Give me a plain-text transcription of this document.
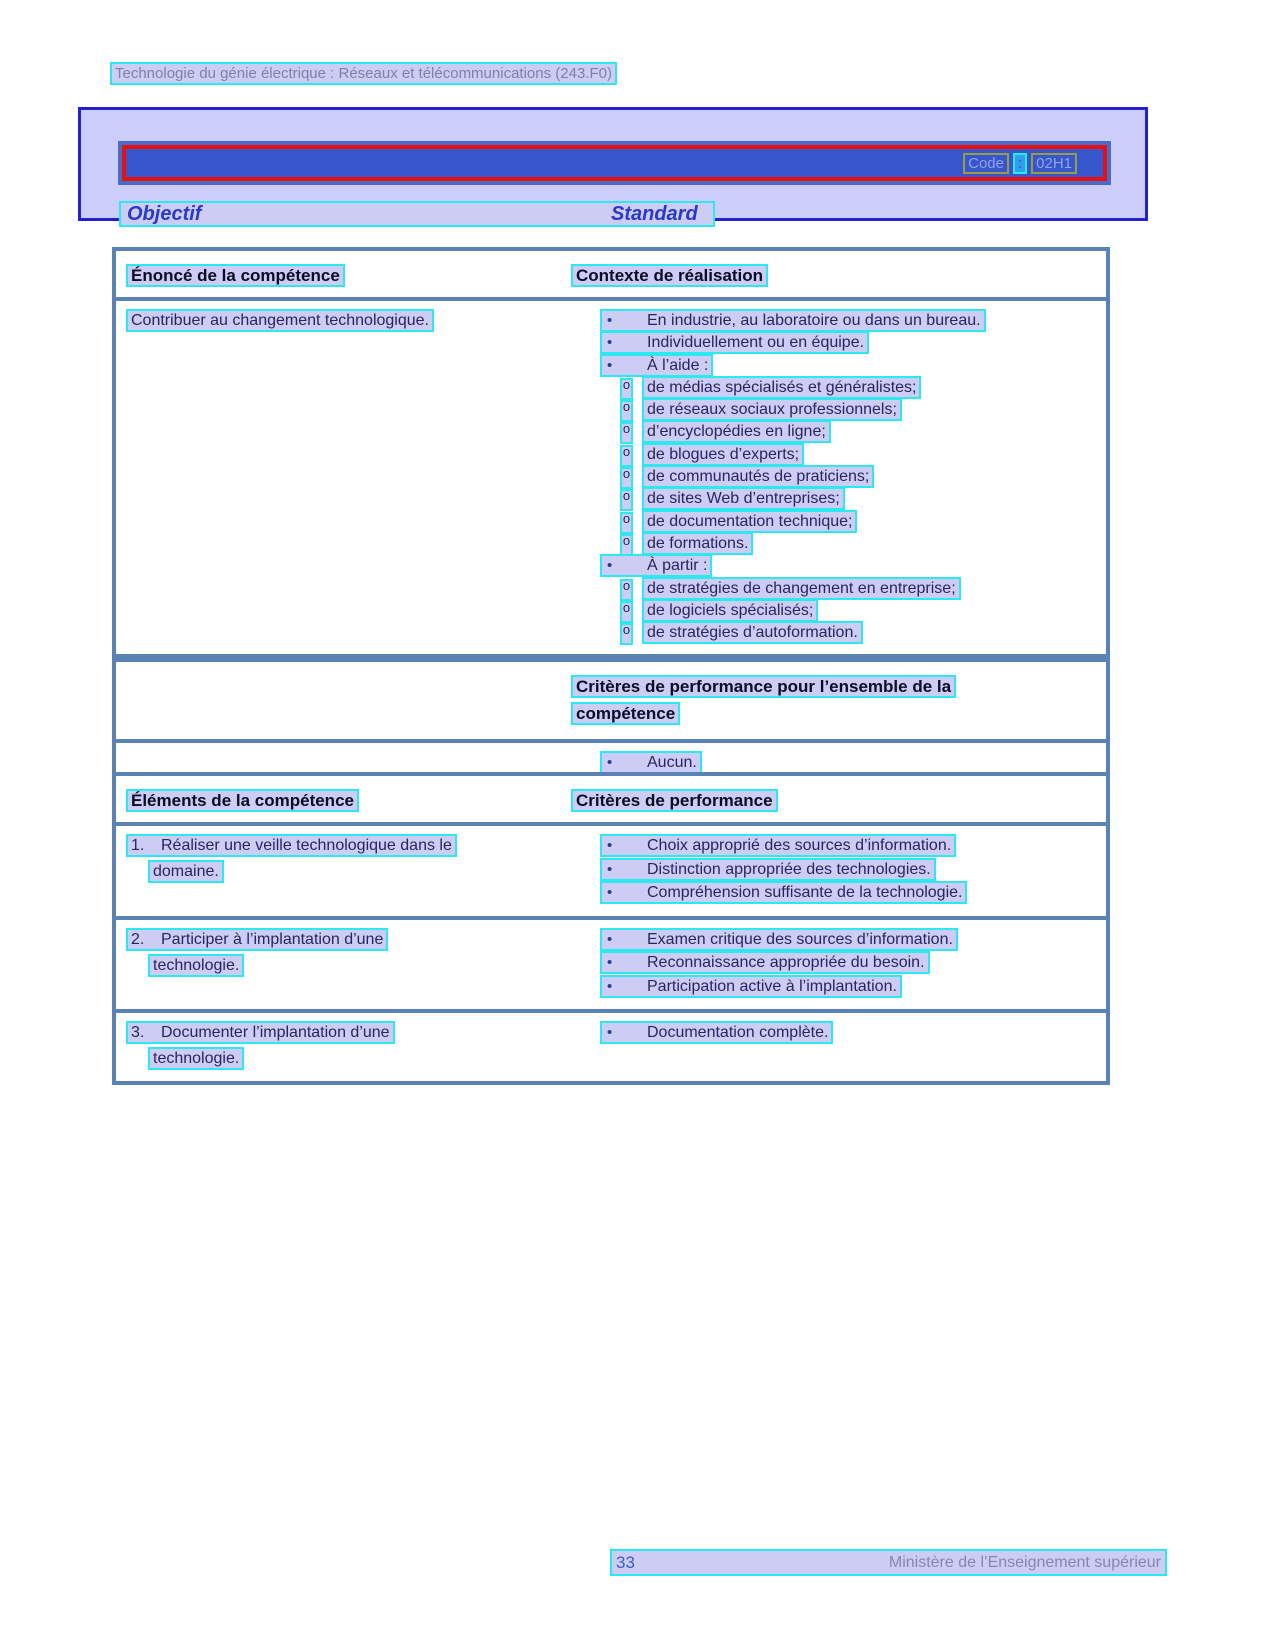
Technologie du génie électrique : Réseaux et télécommunications (243.F0)
Code : 02H1
Objectif	Standard
Énoncé de la compétence	Contexte de réalisation
Contribuer au changement technologique.	•	En industrie, au laboratoire ou dans un bureau.
•	Individuellement ou en équipe.
•	À l’aide :
o	de médias spécialisés et généralistes;
o	de réseaux sociaux professionnels;
o	d’encyclopédies en ligne;
o	de blogues d’experts;
o	de communautés de praticiens;
o	de sites Web d’entreprises;
o	de documentation technique;
o	de formations.
•	À partir :
o	de stratégies de changement en entreprise;
o	de logiciels spécialisés;
o	de stratégies d’autoformation.
Critères de performance pour l’ensemble de la
compétence
•	Aucun.
Éléments de la compétence	Critères de performance
1.	Réaliser une veille technologique dans le
domaine.
•	Choix approprié des sources d’information.
•	Distinction appropriée des technologies.
•	Compréhension suffisante de la technologie.
2.	Participer à l’implantation d’une
technologie.
•	Examen critique des sources d’information.
•	Reconnaissance appropriée du besoin.
•	Participation active à l’implantation.
3.	Documenter l’implantation d’une
technologie.
•	Documentation complète.
33	Ministère de l’Enseignement supérieur
